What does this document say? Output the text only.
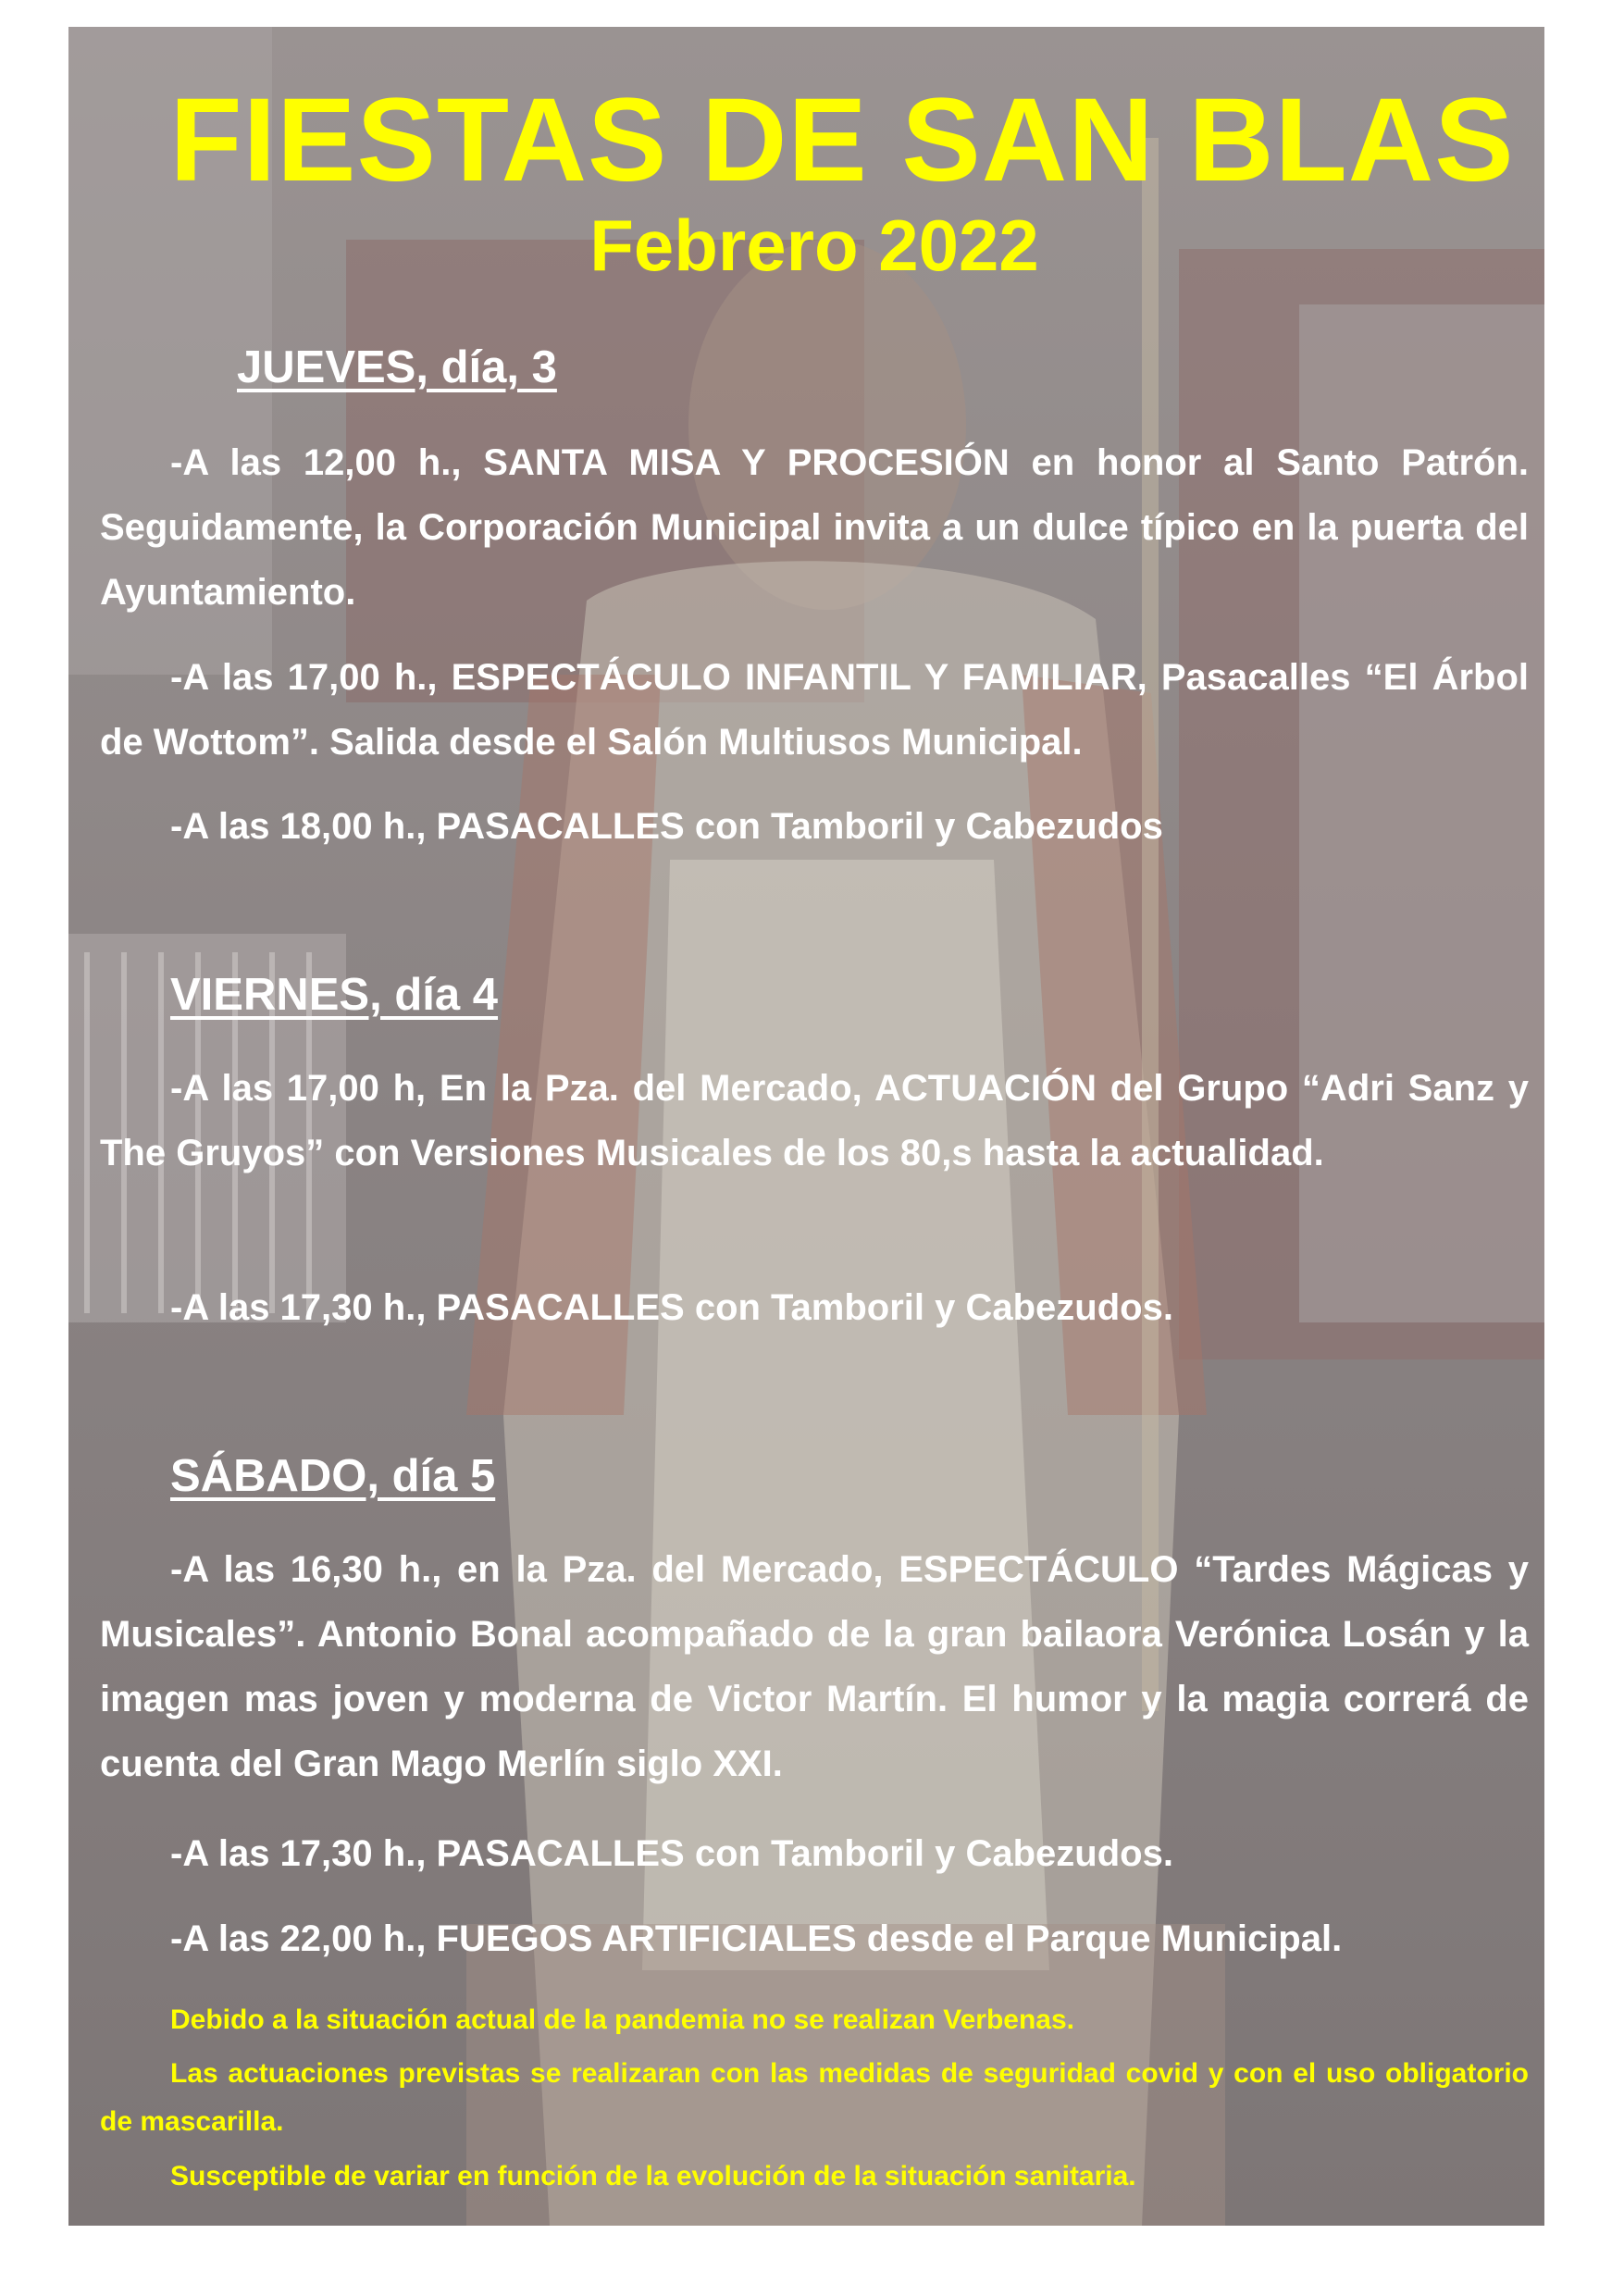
FIESTAS DE SAN BLAS
Febrero 2022
JUEVES, día, 3

-A las 12,00 h., SANTA MISA Y PROCESIÓN en honor al Santo Patrón. Seguidamente, la Corporación Municipal invita a un dulce típico en la puerta del Ayuntamiento.

-A las 17,00 h., ESPECTÁCULO INFANTIL Y FAMILIAR, Pasacalles “El Árbol de Wottom”. Salida desde el Salón Multiusos Municipal.

-A las 18,00 h., PASACALLES con Tamboril y Cabezudos

VIERNES, día 4

-A las 17,00 h, En la Pza. del Mercado, ACTUACIÓN del Grupo “Adri Sanz y The Gruyos” con Versiones Musicales de los 80,s hasta la actualidad.

-A las 17,30 h., PASACALLES con Tamboril y Cabezudos.

SÁBADO, día 5

-A las 16,30 h., en la Pza. del Mercado, ESPECTÁCULO “Tardes Mágicas y Musicales”. Antonio Bonal acompañado de la gran bailaora Verónica Losán y la imagen mas joven y moderna de Victor Martín. El humor y la magia correrá de cuenta del Gran Mago Merlín siglo XXI.

-A las 17,30 h., PASACALLES con Tamboril y Cabezudos.

-A las 22,00 h., FUEGOS ARTIFICIALES desde el Parque Municipal.

Debido a la situación actual de la pandemia no se realizan Verbenas.

Las actuaciones previstas se realizaran con las medidas de seguridad covid y con el uso obligatorio de mascarilla.

Susceptible de variar en función de la evolución de la situación sanitaria.
